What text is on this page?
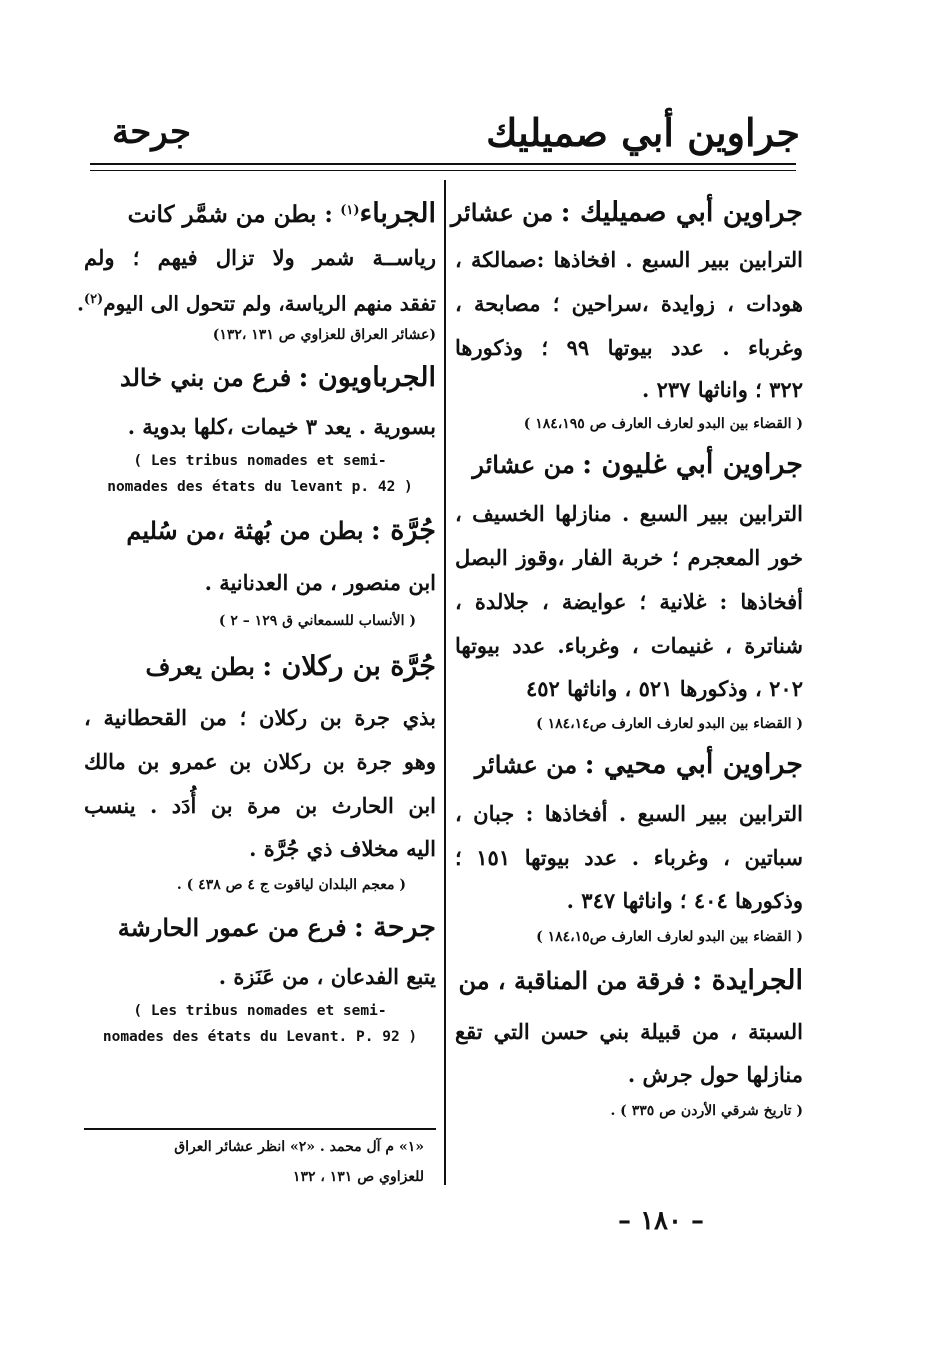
جراوين أبي صميليك
جرحة
جراوين أبي صميليك : من عشائر
الترابين ببير السبع . افخاذها :صمالكة ،
هودات ، زوايدة ،سراحين ؛ مصابحة ،
وغرباء . عدد بيوتها ٩٩ ؛ وذكورها
٣٢٢ ؛ واناثها ٢٣٧ .
( القضاء بين البدو لعارف العارف ص ١٨٤،١٩٥ )
جراوين أبي غليون : من عشائر
الترابين ببير السبع . منازلها الخسيف ،
خور المعجرم ؛ خربة الفار ،وقوز البصل
أفخاذها : غلانية ؛ عوايضة ، جلالدة ،
شناترة ، غنيمات ، وغرباء. عدد بيوتها
٢٠٢ ، وذكورها ٥٢١ ، واناثها ٤٥٢
( القضاء بين البدو لعارف العارف ص١٨٤،١٤ )
جراوين أبي محيي : من عشائر
الترابين ببير السبع . أفخاذها : جبان ،
سباتين ، وغرباء . عدد بيوتها ١٥١ ؛
وذكورها ٤٠٤ ؛ واناثها ٣٤٧ .
( القضاء بين البدو لعارف العارف ص١٨٤،١٥ )
الجرايدة : فرقة من المناقبة ، من
السبتة ، من قبيلة بني حسن التي تقع
منازلها حول جرش .
( تاريخ شرقي الأردن ص ٣٣٥ ) .
الجرباء$^{(١)}$ : بطن من شمَّر كانت
رياســة شمر ولا تزال فيهم ؛ ولم
تفقد منهم الرياسة، ولم تتحول الى اليوم$^{(٢)}$.
(عشائر العراق للعزاوي ص ١٣١ ،١٣٢)
الجرباويون : فرع من بني خالد
بسورية . يعد ٣ خيمات ،كلها بدوية .
( Les tribus nomades et semi-
nomades des états du levant p. 42 )
جُرَّة : بطن من بُهثة ،من سُليم
ابن منصور ، من العدنانية .
( الأنساب للسمعاني ق ١٢٩ – ٢ )
جُرَّة بن ركلان : بطن يعرف
بذي جرة بن ركلان ؛ من القحطانية ،
وهو جرة بن ركلان بن عمرو بن مالك
ابن الحارث بن مرة بن أُدَد . ينسب
اليه مخلاف ذي جُرَّة .
( معجم البلدان لياقوت ج ٤ ص ٤٣٨ ) .
جرحة : فرع من عمور الحارشة
يتبع الفدعان ، من عَنَزة .
( Les tribus nomades et semi-
nomades des états du Levant. P. 92 )
«١» م آل محمد . «٢» انظر عشائر العراق
للعزاوي ص ١٣١ ، ١٣٢
– ١٨٠ –
